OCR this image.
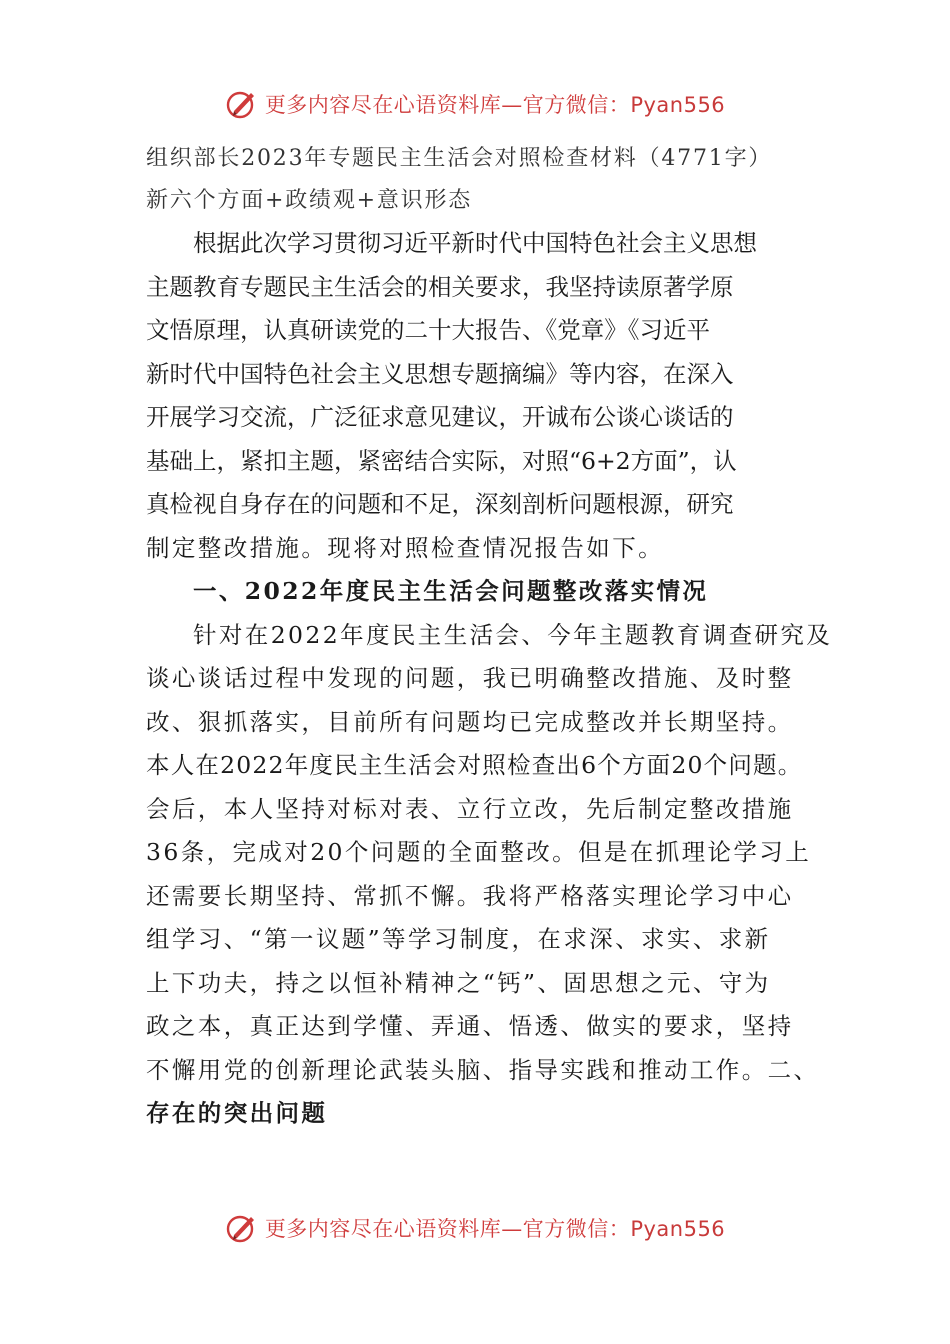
更多内容尽在心语资料库—官方微信：Pyan556
组织部长2023年专题民主生活会对照检查材料（4771字）
新六个方面+政绩观+意识形态
根据此次学习贯彻习近平新时代中国特色社会主义思想
主题教育专题民主生活会的相关要求，我坚持读原著学原
文悟原理，认真研读党的二十大报告、《党章》《习近平
新时代中国特色社会主义思想专题摘编》等内容，在深入
开展学习交流，广泛征求意见建议，开诚布公谈心谈话的
基础上，紧扣主题，紧密结合实际，对照“6+2方面”，认
真检视自身存在的问题和不足，深刻剖析问题根源，研究
制定整改措施。现将对照检查情况报告如下。
一、2022年度民主生活会问题整改落实情况
针对在2022年度民主生活会、今年主题教育调查研究及
谈心谈话过程中发现的问题，我已明确整改措施、及时整
改、狠抓落实，目前所有问题均已完成整改并长期坚持。
本人在2022年度民主生活会对照检查出6个方面20个问题。
会后，本人坚持对标对表、立行立改，先后制定整改措施
36条，完成对20个问题的全面整改。但是在抓理论学习上
还需要长期坚持、常抓不懈。我将严格落实理论学习中心
组学习、“第一议题”等学习制度，在求深、求实、求新
上下功夫，持之以恒补精神之“钙”、固思想之元、守为
政之本，真正达到学懂、弄通、悟透、做实的要求，坚持
不懈用党的创新理论武装头脑、指导实践和推动工作。二、
存在的突出问题
更多内容尽在心语资料库—官方微信：Pyan556
